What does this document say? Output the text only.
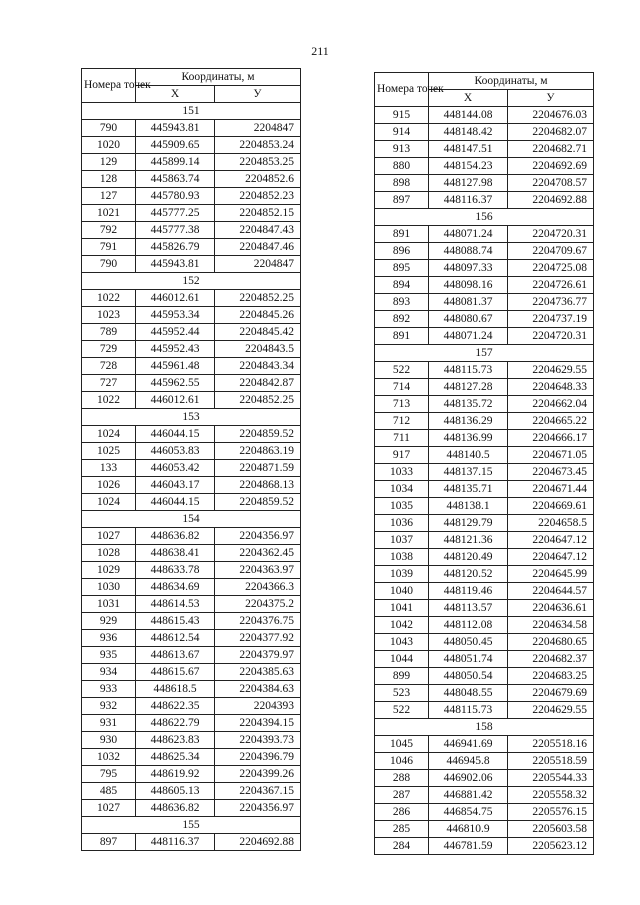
211
Номера точек	Координаты, м	
	X	У
151		
790	445943.81	2204847
1020	445909.65	2204853.24
129	445899.14	2204853.25
128	445863.74	2204852.6
127	445780.93	2204852.23
1021	445777.25	2204852.15
792	445777.38	2204847.43
791	445826.79	2204847.46
790	445943.81	2204847
152		
1022	446012.61	2204852.25
1023	445953.34	2204845.26
789	445952.44	2204845.42
729	445952.43	2204843.5
728	445961.48	2204843.34
727	445962.55	2204842.87
1022	446012.61	2204852.25
153		
1024	446044.15	2204859.52
1025	446053.83	2204863.19
133	446053.42	2204871.59
1026	446043.17	2204868.13
1024	446044.15	2204859.52
154		
1027	448636.82	2204356.97
1028	448638.41	2204362.45
1029	448633.78	2204363.97
1030	448634.69	2204366.3
1031	448614.53	2204375.2
929	448615.43	2204376.75
936	448612.54	2204377.92
935	448613.67	2204379.97
934	448615.67	2204385.63
933	448618.5	2204384.63
932	448622.35	2204393
931	448622.79	2204394.15
930	448623.83	2204393.73
1032	448625.34	2204396.79
795	448619.92	2204399.26
485	448605.13	2204367.15
1027	448636.82	2204356.97
155		
897	448116.37	2204692.88
Номера точек	Координаты, м	
	X	У
915	448144.08	2204676.03
914	448148.42	2204682.07
913	448147.51	2204682.71
880	448154.23	2204692.69
898	448127.98	2204708.57
897	448116.37	2204692.88
156		
891	448071.24	2204720.31
896	448088.74	2204709.67
895	448097.33	2204725.08
894	448098.16	2204726.61
893	448081.37	2204736.77
892	448080.67	2204737.19
891	448071.24	2204720.31
157		
522	448115.73	2204629.55
714	448127.28	2204648.33
713	448135.72	2204662.04
712	448136.29	2204665.22
711	448136.99	2204666.17
917	448140.5	2204671.05
1033	448137.15	2204673.45
1034	448135.71	2204671.44
1035	448138.1	2204669.61
1036	448129.79	2204658.5
1037	448121.36	2204647.12
1038	448120.49	2204647.12
1039	448120.52	2204645.99
1040	448119.46	2204644.57
1041	448113.57	2204636.61
1042	448112.08	2204634.58
1043	448050.45	2204680.65
1044	448051.74	2204682.37
899	448050.54	2204683.25
523	448048.55	2204679.69
522	448115.73	2204629.55
158		
1045	446941.69	2205518.16
1046	446945.8	2205518.59
288	446902.06	2205544.33
287	446881.42	2205558.32
286	446854.75	2205576.15
285	446810.9	2205603.58
284	446781.59	2205623.12
